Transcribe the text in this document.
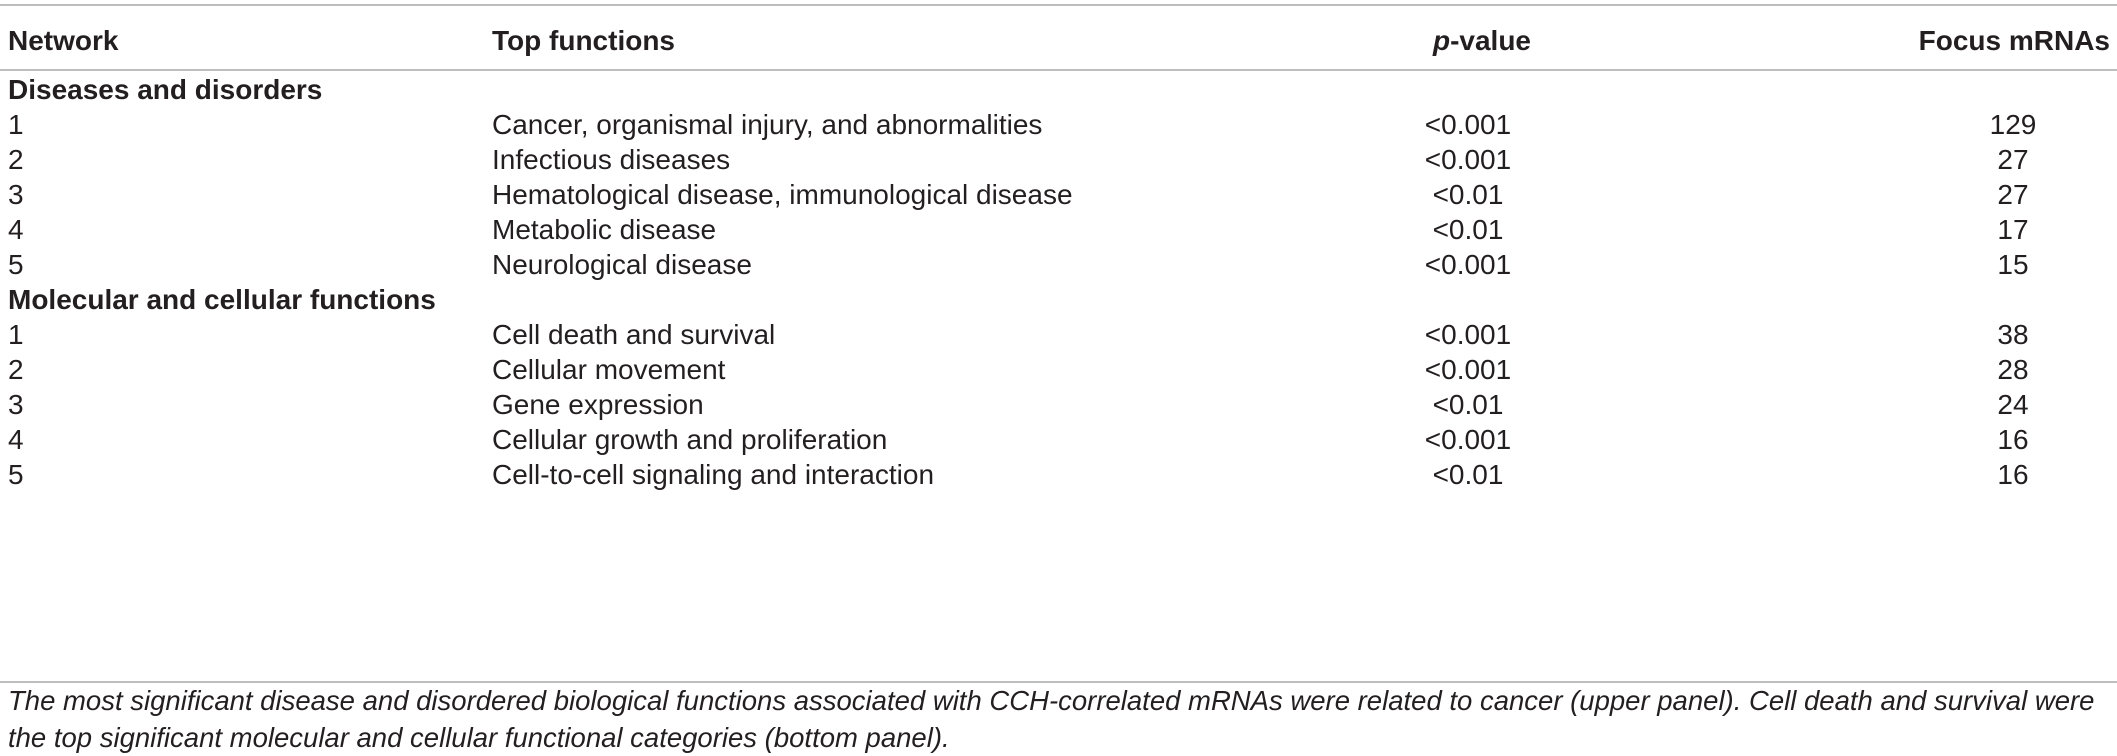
Network	Top functions	p-value	Focus mRNAs
Diseases and disorders
1	Cancer, organismal injury, and abnormalities	<0.001	129
2	Infectious diseases	<0.001	27
3	Hematological disease, immunological disease	<0.01	27
4	Metabolic disease	<0.01	17
5	Neurological disease	<0.001	15
Molecular and cellular functions
1	Cell death and survival	<0.001	38
2	Cellular movement	<0.001	28
3	Gene expression	<0.01	24
4	Cellular growth and proliferation	<0.001	16
5	Cell-to-cell signaling and interaction	<0.01	16
The most significant disease and disordered biological functions associated with CCH-correlated mRNAs were related to cancer (upper panel). Cell death and survival were the top significant molecular and cellular functional categories (bottom panel).
